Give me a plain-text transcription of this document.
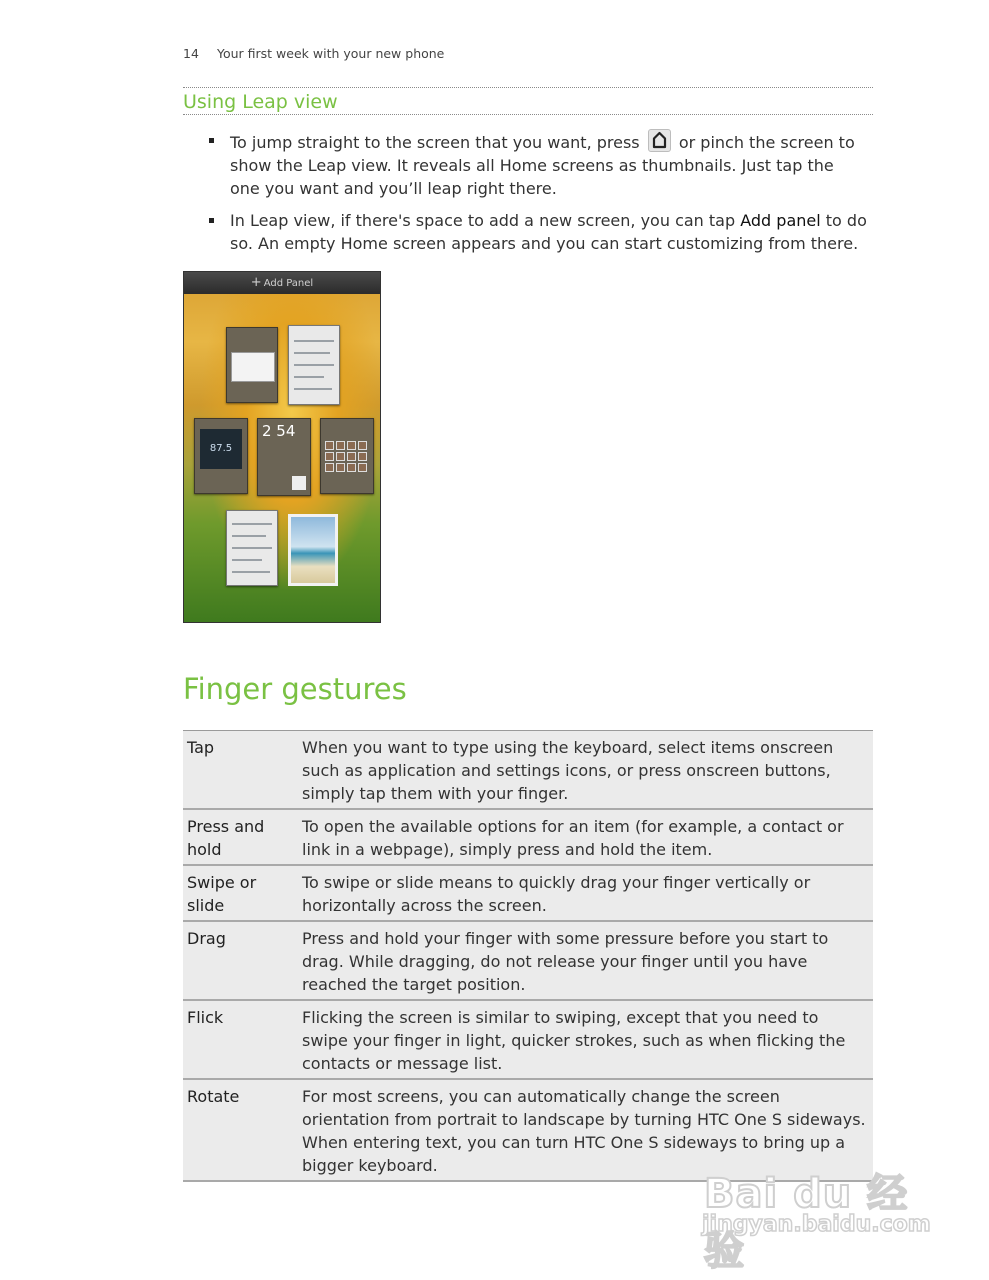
14 Your first week with your new phone
Using Leap view
To jump straight to the screen that you want, press or pinch the screen to show the Leap view. It reveals all Home screens as thumbnails. Just tap the one you want and you’ll leap right there.
In Leap view, if there's space to add a new screen, you can tap Add panel to do so. An empty Home screen appears and you can start customizing from there.
+ Add Panel
87.5
2 54
Finger gestures
Tap	When you want to type using the keyboard, select items onscreen such as application and settings icons, or press onscreen buttons, simply tap them with your finger.
Press and hold	To open the available options for an item (for example, a contact or link in a webpage), simply press and hold the item.
Swipe or slide	To swipe or slide means to quickly drag your finger vertically or horizontally across the screen.
Drag	Press and hold your finger with some pressure before you start to drag. While dragging, do not release your finger until you have reached the target position.
Flick	Flicking the screen is similar to swiping, except that you need to swipe your finger in light, quicker strokes, such as when flicking the contacts or message list.
Rotate	For most screens, you can automatically change the screen orientation from portrait to landscape by turning HTC One S sideways. When entering text, you can turn HTC One S sideways to bring up a bigger keyboard.
Bai du 经验
jingyan.baidu.com
